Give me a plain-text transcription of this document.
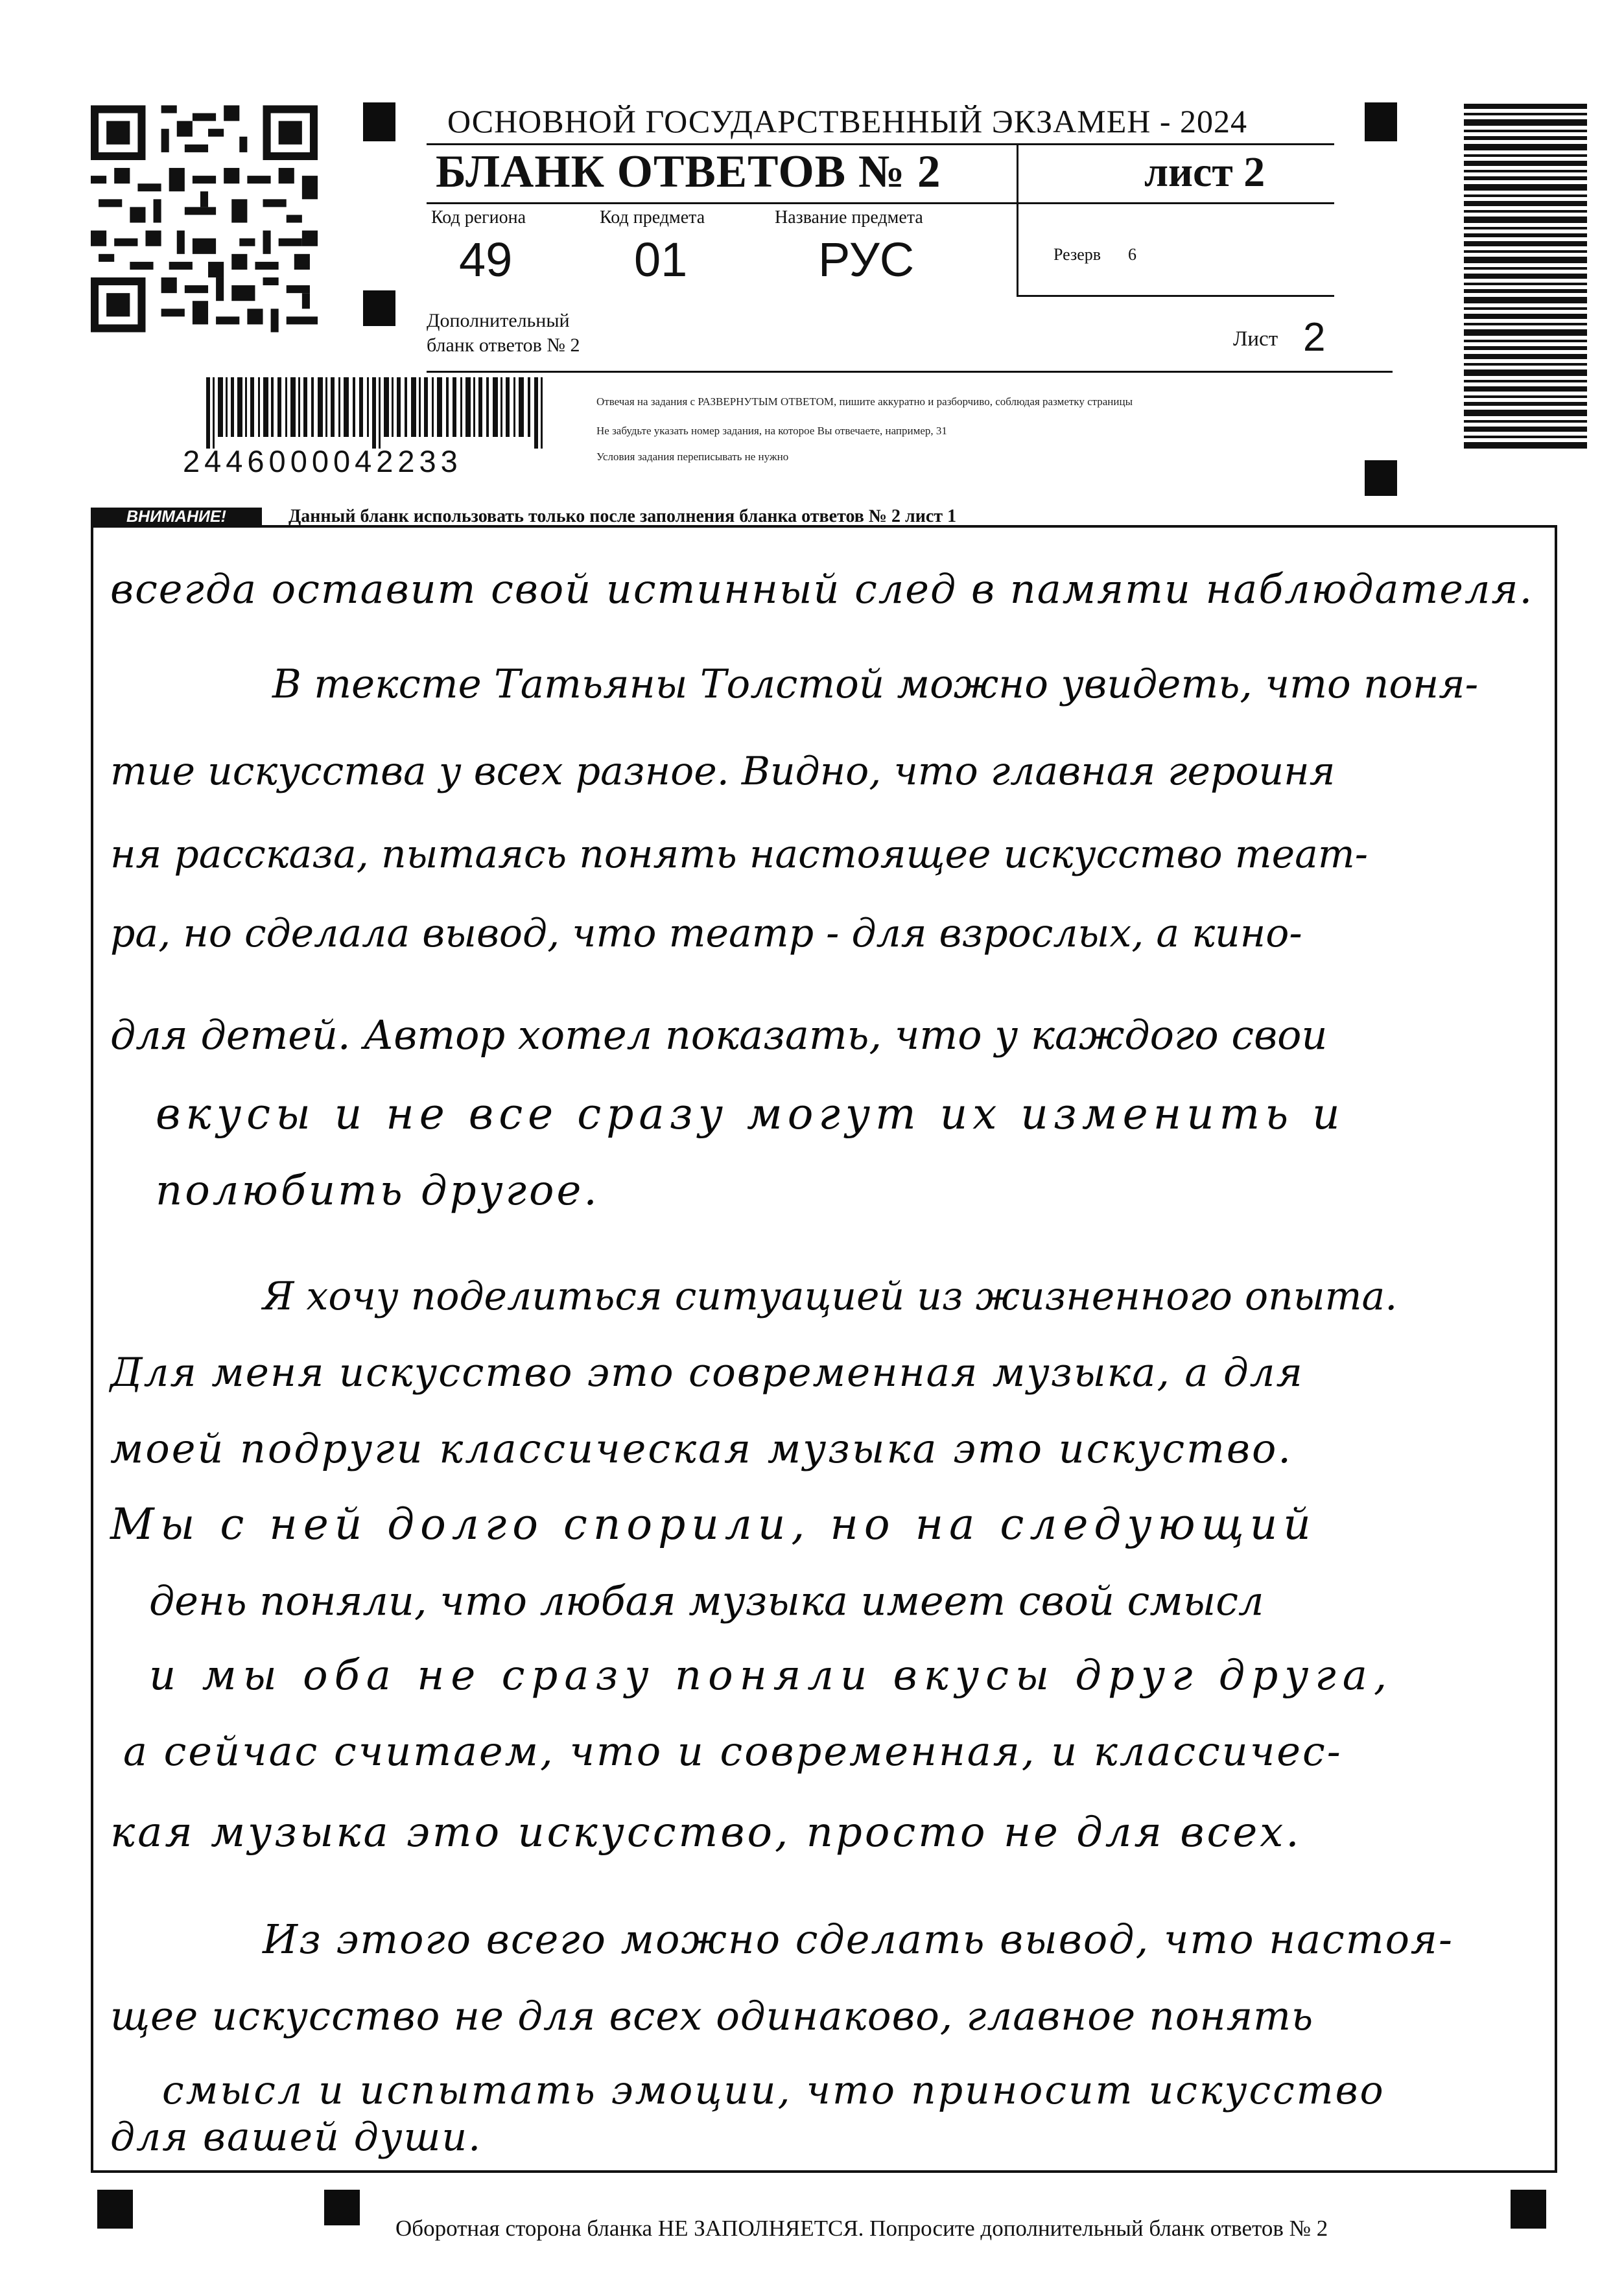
2446000042233
ОСНОВНОЙ ГОСУДАРСТВЕННЫЙ ЭКЗАМЕН - 2024
БЛАНК ОТВЕТОВ № 2	лист 2
Код региона
49
Код предмета
01
Название предмета
РУС	Резерв 6
Дополнительный
бланк ответов № 2	Лист 2
Отвечая на задания с РАЗВЕРНУТЫМ ОТВЕТОМ, пишите аккуратно и разборчиво, соблюдая разметку страницы
Не забудьте указать номер задания, на которое Вы отвечаете, например, 31
Условия задания переписывать не нужно
ВНИМАНИЕ!	Данный бланк использовать только после заполнения бланка ответов № 2 лист 1
всегда оставит свой истинный след в памяти наблюдателя.
В тексте Татьяны Толстой можно увидеть, что поня-
тие искусства у всех разное. Видно, что главная героиня
ня рассказа, пытаясь понять настоящее искусство теат-
ра, но сделала вывод, что театр - для взрослых, а кино-
для детей. Автор хотел показать, что у каждого свои
вкусы и не все сразу могут их изменить и
полюбить другое.
Я хочу поделиться ситуацией из жизненного опыта.
Для меня искусство это современная музыка, а для
моей подруги классическая музыка это искуство.
Мы с ней долго спорили, но на следующий
день поняли, что любая музыка имеет свой смысл
и мы оба не сразу поняли вкусы друг друга,
а сейчас считаем, что и современная, и классичес-
кая музыка это искусство, просто не для всех.
Из этого всего можно сделать вывод, что настоя-
щее искусство не для всех одинаково, главное понять
смысл и испытать эмоции, что приносит искусство
для вашей души.
Оборотная сторона бланка НЕ ЗАПОЛНЯЕТСЯ. Попросите дополнительный бланк ответов № 2
